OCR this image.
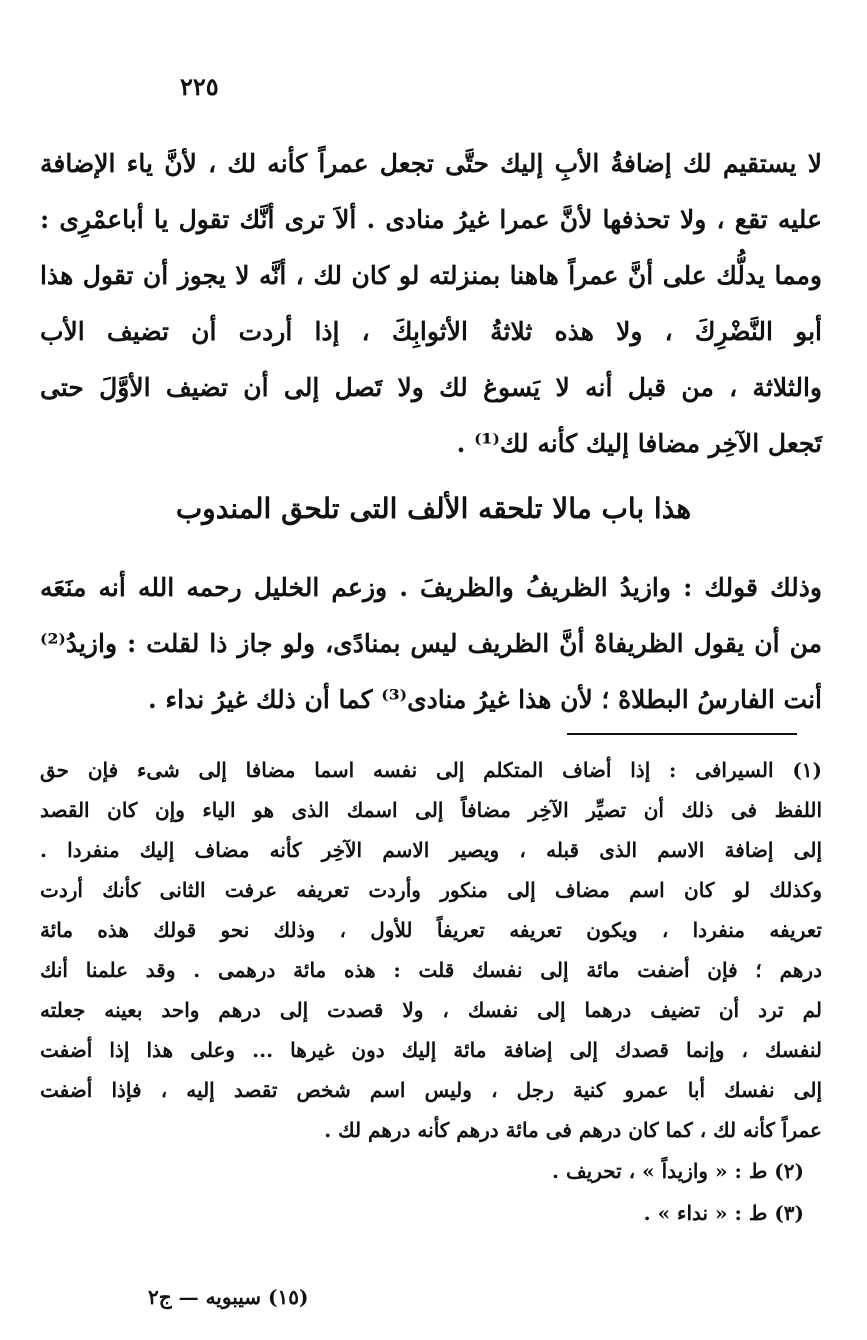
٢٢٥
لا يستقيم لك إضافةُ الأبِ إليك حتَّى تجعل عمراً كأنه لك ، لأنَّ ياء الإضافة
عليه تقع ، ولا تحذفها لأنَّ عمرا غيرُ منادى . ألاَ ترى أنَّك تقول يا أباعمْرِى :
ومما يدلُّك على أنَّ عمراً هاهنا بمنزلته لو كان لك ، أنَّه لا يجوز أن تقول هذا
أبو النَّضْرِكَ ، ولا هذه ثلاثةُ الأثوابِكَ ، إذا أردت أن تضيف الأب
والثلاثة ، من قبل أنه لا يَسوغ لك ولا تَصل إلى أن تضيف الأوَّلَ حتى
تَجعل الآخِر مضافا إليك كأنه لك⁽¹⁾ .
هذا باب مالا تلحقه الألف التى تلحق المندوب
وذلك قولك : وازيدُ الظريفُ والظريفَ . وزعم الخليل رحمه الله أنه منَعَه
من أن يقول الظريفاهْ أنَّ الظريف ليس بمنادًى، ولو جاز ذا لقلت : وازيدُ⁽²⁾
أنت الفارسُ البطلاهْ ؛ لأن هذا غيرُ منادى⁽³⁾ كما أن ذلك غيرُ نداء .
(١) السيرافى : إذا أضاف المتكلم إلى نفسه اسما مضافا إلى شىء فإن حق
اللفظ فى ذلك أن تصيِّر الآخِر مضافاً إلى اسمك الذى هو الياء وإن كان القصد
إلى إضافة الاسم الذى قبله ، ويصير الاسم الآخِر كأنه مضاف إليك منفردا .
وكذلك لو كان اسم مضاف إلى منكور وأردت تعريفه عرفت الثانى كأنك أردت
تعريفه منفردا ، ويكون تعريفه تعريفاً للأول ، وذلك نحو قولك هذه مائة
درهم ؛ فإن أضفت مائة إلى نفسك قلت : هذه مائة درهمى . وقد علمنا أنك
لم ترد أن تضيف درهما إلى نفسك ، ولا قصدت إلى درهم واحد بعينه جعلته
لنفسك ، وإنما قصدك إلى إضافة مائة إليك دون غيرها ... وعلى هذا إذا أضفت
إلى نفسك أبا عمرو كنية رجل ، وليس اسم شخص تقصد إليه ، فإذا أضفت
عمراً كأنه لك ، كما كان درهم فى مائة درهم كأنه درهم لك .
(٢) ط : « وازيداً » ، تحريف .
(٣) ط : « نداء » .
(١٥) سيبويه — ج٢
